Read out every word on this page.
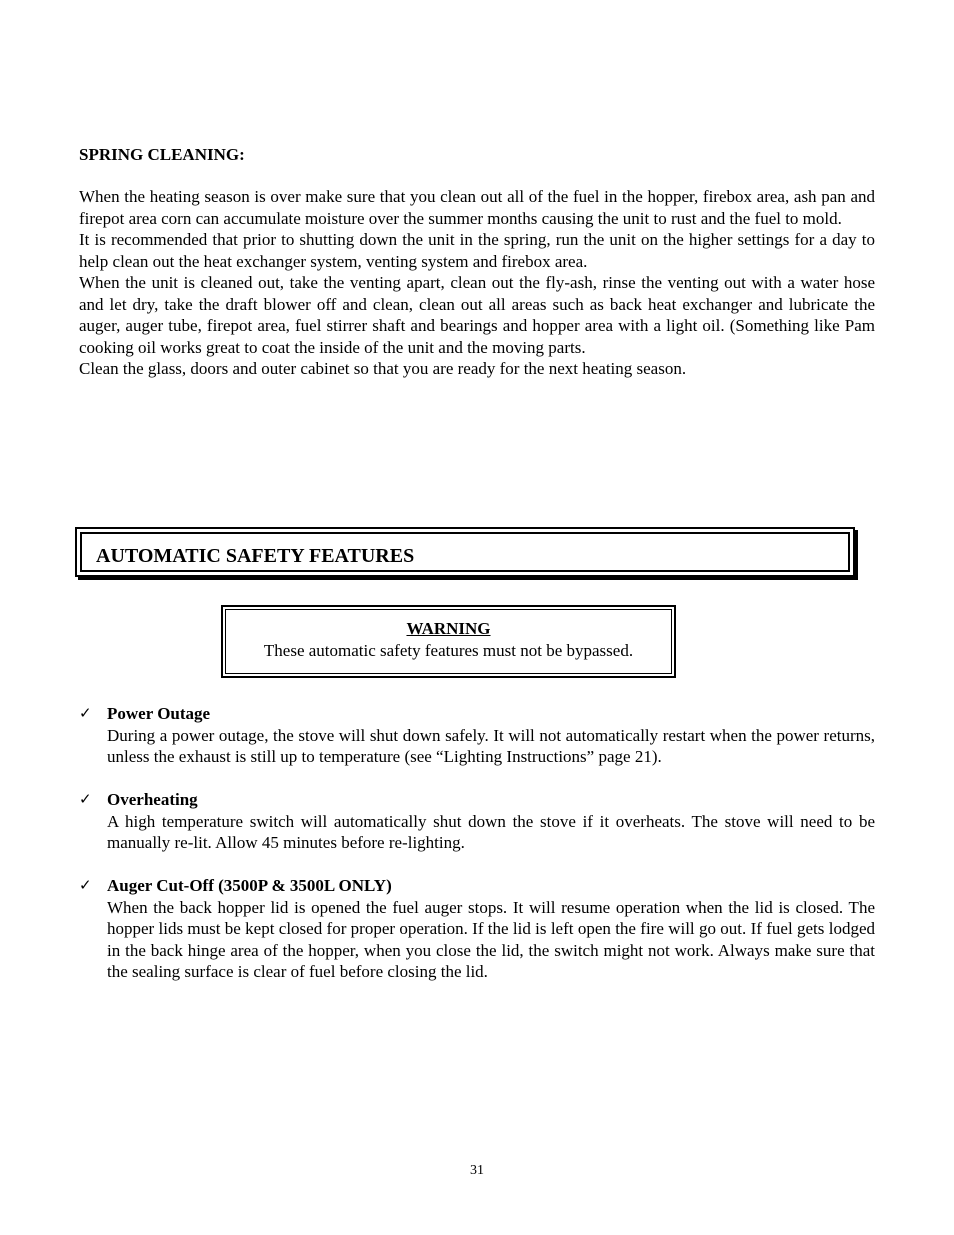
SPRING CLEANING:

When the heating season is over make sure that you clean out all of the fuel in the hopper, firebox area, ash pan and firepot area corn can accumulate moisture over the summer months causing the unit to rust and the fuel to mold.

It is recommended that prior to shutting down the unit in the spring, run the unit on the higher settings for a day to help clean out the heat exchanger system, venting system and firebox area.

When the unit is cleaned out, take the venting apart, clean out the fly-ash, rinse the venting out with a water hose and let dry, take the draft blower off and clean, clean out all areas such as back heat exchanger and lubricate the auger, auger tube, firepot area, fuel stirrer shaft and bearings and hopper area with a light oil. (Something like Pam cooking oil works great to coat the inside of the unit and the moving parts.

Clean the glass, doors and outer cabinet so that you are ready for the next heating season.

AUTOMATIC SAFETY FEATURES
WARNING
These automatic safety features must not be bypassed.
✓ Power Outage
During a power outage, the stove will shut down safely. It will not automatically restart when the power returns, unless the exhaust is still up to temperature (see “Lighting Instructions” page 21).
✓ Overheating
A high temperature switch will automatically shut down the stove if it overheats. The stove will need to be manually re-lit. Allow 45 minutes before re-lighting.
✓ Auger Cut-Off (3500P & 3500L ONLY)
When the back hopper lid is opened the fuel auger stops. It will resume operation when the lid is closed. The hopper lids must be kept closed for proper operation. If the lid is left open the fire will go out. If fuel gets lodged in the back hinge area of the hopper, when you close the lid, the switch might not work. Always make sure that the sealing surface is clear of fuel before closing the lid.
31
